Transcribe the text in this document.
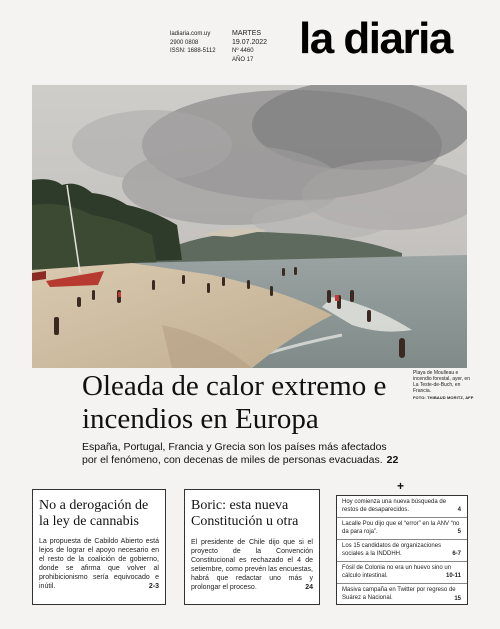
ladiaria.com.uy
2900 0808
ISSN: 1688-5112
MARTES
19.07.2022
Nº 4460
AÑO 17	la diaria
Playa de Moulleau e incendio forestal, ayer, en La Teste-de-Buch, en Francia.
FOTO: THIBAUD MORITZ, AFP
Oleada de calor extremo e incendios en Europa
España, Portugal, Francia y Grecia son los países más afectados por el fenómeno, con decenas de miles de personas evacuadas. 22
No a derogación de la ley de cannabis
La propuesta de Cabildo Abierto está lejos de lograr el apoyo necesario en el resto de la coalición de gobierno, donde se afirma que volver al prohibicionismo sería equivocado e inútil.	2-3
Boric: esta nueva Constitución u otra
El presidente de Chile dijo que si el proyecto de la Convención Constitucional es rechazado el 4 de setiembre, como prevén las encuestas, habrá que redactar uno más y prolongar el proceso.	24
+
Hoy comienza una nueva búsqueda de restos de desaparecidos.	4
Lacalle Pou dijo que el “error” en la ANV “no da para roja”.	5
Los 15 candidatos de organizaciones sociales a la INDDHH.	6-7
Fósil de Colonia no era un huevo sino un cálculo intestinal.	10-11
Masiva campaña en Twitter por regreso de Suárez a Nacional.	15
